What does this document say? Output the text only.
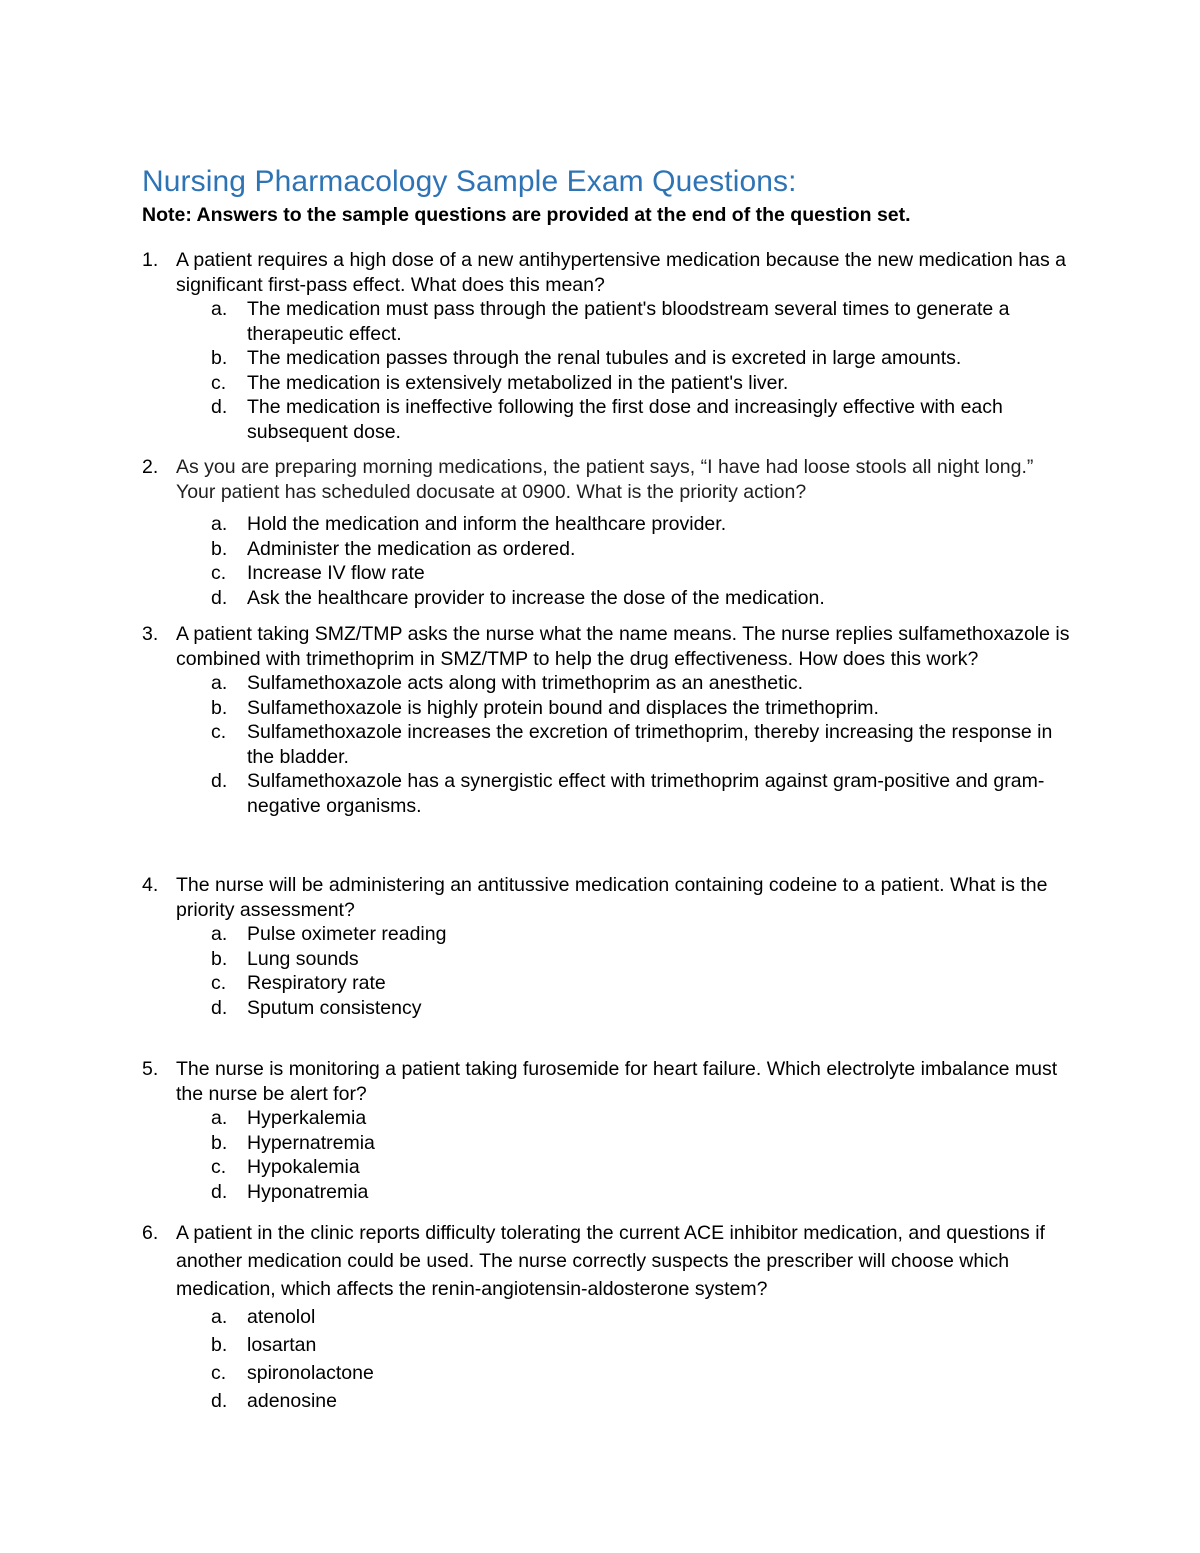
Nursing Pharmacology Sample Exam Questions:

Note: Answers to the sample questions are provided at the end of the question set.

1. A patient requires a high dose of a new antihypertensive medication because the new medication has a significant first-pass effect. What does this mean?
a. The medication must pass through the patient's bloodstream several times to generate a therapeutic effect.
b. The medication passes through the renal tubules and is excreted in large amounts.
c. The medication is extensively metabolized in the patient's liver.
d. The medication is ineffective following the first dose and increasingly effective with each subsequent dose.
2. As you are preparing morning medications, the patient says, “I have had loose stools all night long.” Your patient has scheduled docusate at 0900. What is the priority action?
a. Hold the medication and inform the healthcare provider.
b. Administer the medication as ordered.
c. Increase IV flow rate
d. Ask the healthcare provider to increase the dose of the medication.
3. A patient taking SMZ/TMP asks the nurse what the name means. The nurse replies sulfamethoxazole is combined with trimethoprim in SMZ/TMP to help the drug effectiveness. How does this work?
a. Sulfamethoxazole acts along with trimethoprim as an anesthetic.
b. Sulfamethoxazole is highly protein bound and displaces the trimethoprim.
c. Sulfamethoxazole increases the excretion of trimethoprim, thereby increasing the response in the bladder.
d. Sulfamethoxazole has a synergistic effect with trimethoprim against gram-positive and gram-negative organisms.
4. The nurse will be administering an antitussive medication containing codeine to a patient. What is the priority assessment?
a. Pulse oximeter reading
b. Lung sounds
c. Respiratory rate
d. Sputum consistency
5. The nurse is monitoring a patient taking furosemide for heart failure. Which electrolyte imbalance must the nurse be alert for?
a. Hyperkalemia
b. Hypernatremia
c. Hypokalemia
d. Hyponatremia
6. A patient in the clinic reports difficulty tolerating the current ACE inhibitor medication, and questions if another medication could be used. The nurse correctly suspects the prescriber will choose which medication, which affects the renin-angiotensin-aldosterone system?
a. atenolol
b. losartan
c. spironolactone
d. adenosine
